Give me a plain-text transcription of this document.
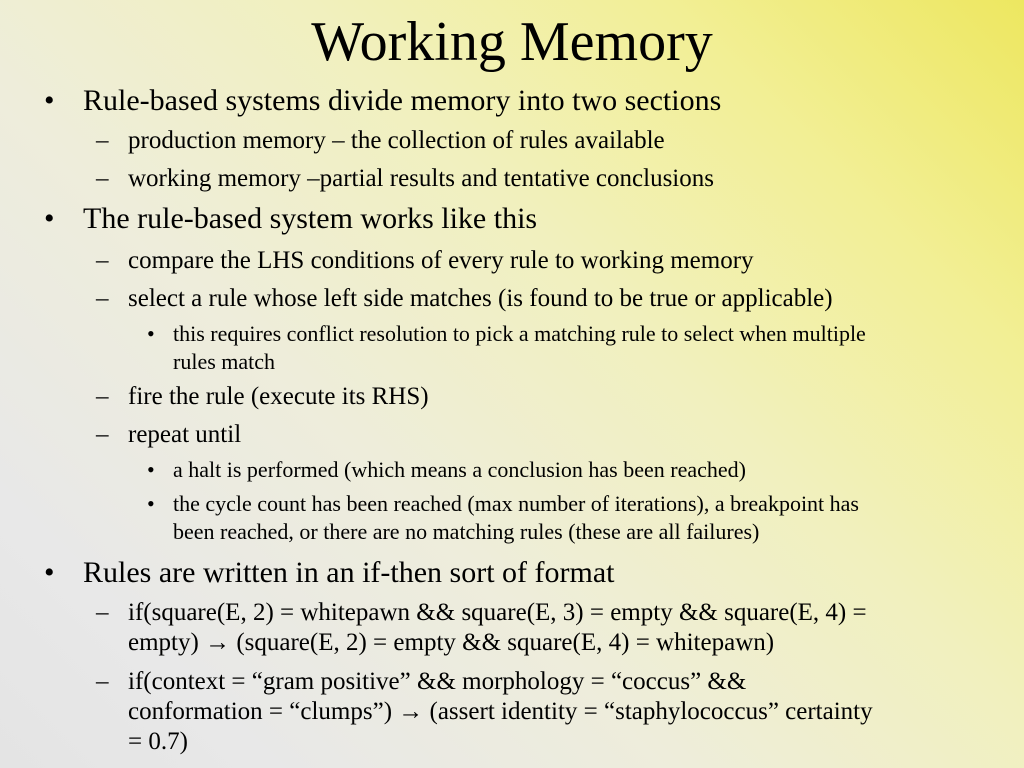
Working Memory
• Rule-based systems divide memory into two sections
– production memory – the collection of rules available
– working memory –partial results and tentative conclusions
• The rule-based system works like this
– compare the LHS conditions of every rule to working memory
– select a rule whose left side matches (is found to be true or applicable)
• this requires conflict resolution to pick a matching rule to select when multiple
rules match
– fire the rule (execute its RHS)
– repeat until
• a halt is performed (which means a conclusion has been reached)
• the cycle count has been reached (max number of iterations), a breakpoint has
been reached, or there are no matching rules (these are all failures)
• Rules are written in an if-then sort of format
– if(square(E, 2) = whitepawn && square(E, 3) = empty && square(E, 4) =
empty) → (square(E, 2) = empty && square(E, 4) = whitepawn)
– if(context = “gram positive” && morphology = “coccus” &&
conformation = “clumps”) → (assert identity = “staphylococcus” certainty
= 0.7)
